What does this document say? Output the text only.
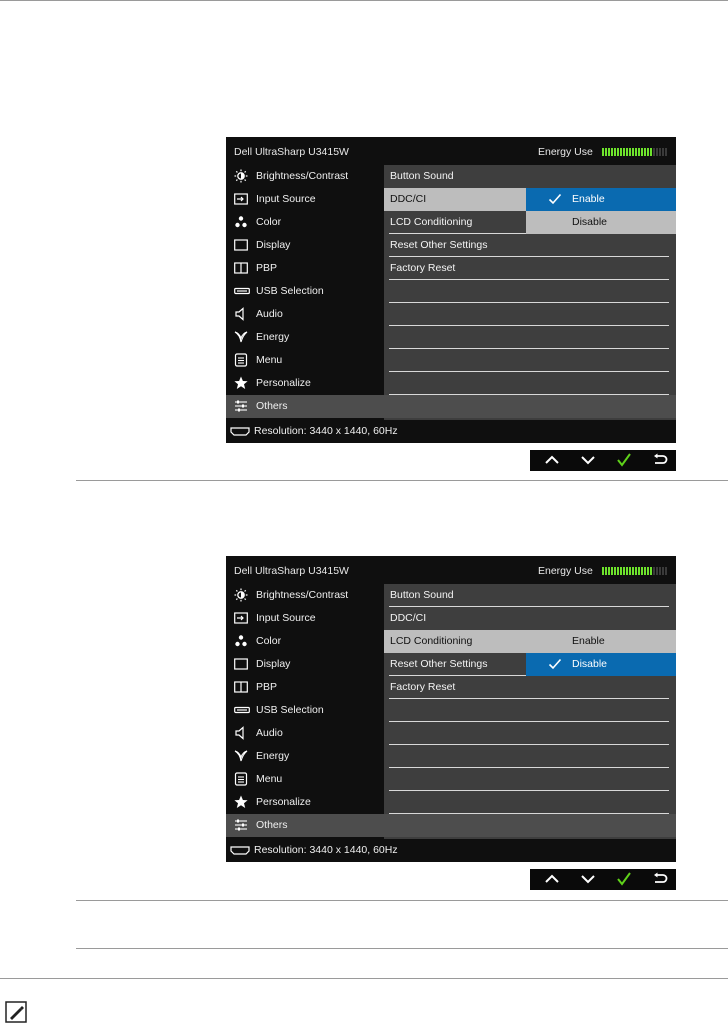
Dell UltraSharp U3415W	Energy Use
Brightness/Contrast
Input Source
Color
Display
PBP
USB Selection
Audio
Energy
Menu
Personalize
Others
Button Sound
DDC/CI
LCD Conditioning
Reset Other Settings
Factory Reset
Enable
Disable
Resolution: 3440 x 1440, 60Hz
Dell UltraSharp U3415W	Energy Use
Brightness/Contrast
Input Source
Color
Display
PBP
USB Selection
Audio
Energy
Menu
Personalize
Others
Button Sound
DDC/CI
LCD Conditioning
Reset Other Settings
Factory Reset
Enable
Disable
Resolution: 3440 x 1440, 60Hz
